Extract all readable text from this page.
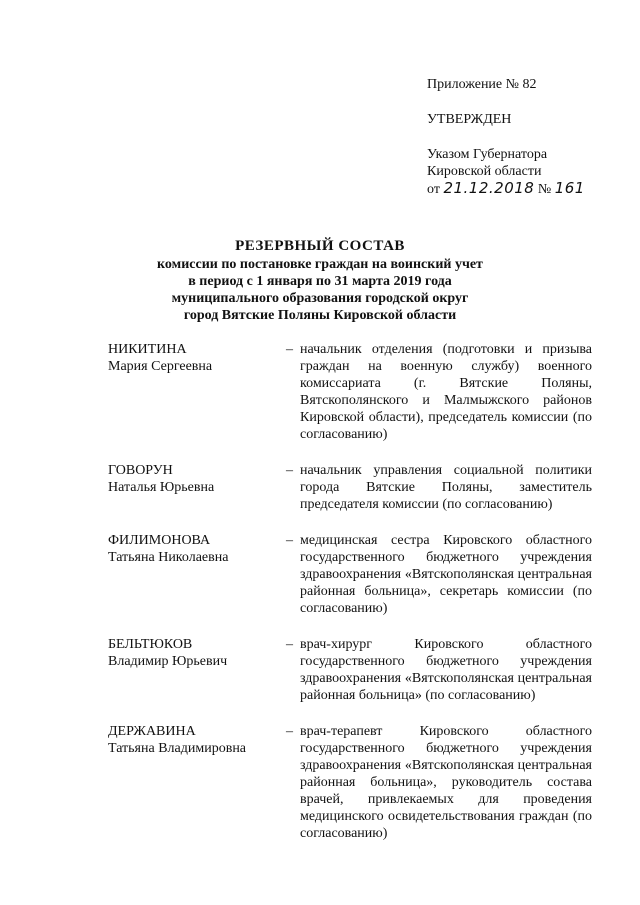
Приложение № 82
УТВЕРЖДЕН
Указом Губернатора
Кировской области
от 21.12.2018 № 161
РЕЗЕРВНЫЙ СОСТАВ
комиссии по постановке граждан на воинский учет
в период с 1 января по 31 марта 2019 года
муниципального образования городской округ
город Вятские Поляны Кировской области
НИКИТИНА
Мария Сергеевна
– начальник отделения (подготовки и призыва граждан на военную службу) военного комиссариата (г. Вятские Поляны, Вятскополянского и Малмыжского районов Кировской области), председатель комиссии (по согласованию)
ГОВОРУН
Наталья Юрьевна
– начальник управления социальной политики города Вятские Поляны, заместитель председателя комиссии (по согласованию)
ФИЛИМОНОВА
Татьяна Николаевна
– медицинская сестра Кировского областного государственного бюджетного учреждения здравоохранения «Вятскополянская центральная районная больница», секретарь комиссии (по согласованию)
БЕЛЬТЮКОВ
Владимир Юрьевич
– врач-хирург Кировского областного государственного бюджетного учреждения здравоохранения «Вятскополянская центральная районная больница» (по согласованию)
ДЕРЖАВИНА
Татьяна Владимировна
– врач-терапевт Кировского областного государственного бюджетного учреждения здравоохранения «Вятскополянская центральная районная больница», руководитель состава врачей, привлекаемых для проведения медицинского освидетельствования граждан (по согласованию)
